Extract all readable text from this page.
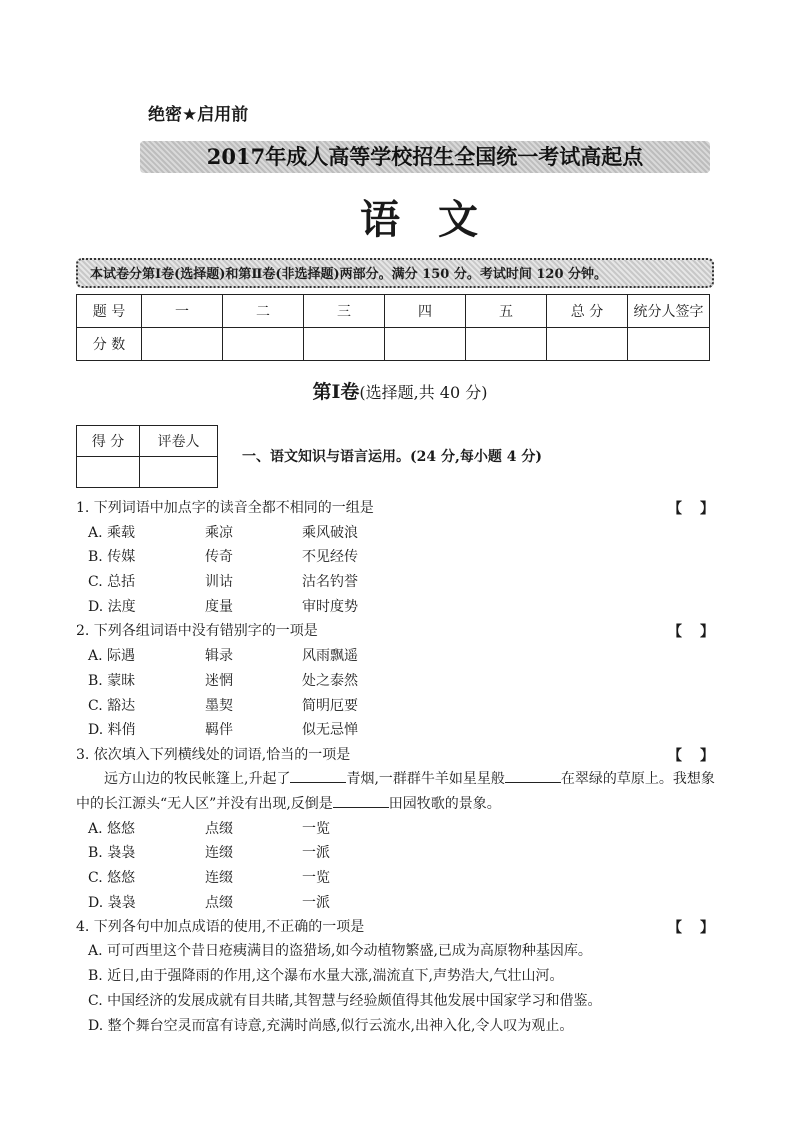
绝密★启用前
2017年成人高等学校招生全国统一考试高起点
语文
本试卷分第Ⅰ卷(选择题)和第Ⅱ卷(非选择题)两部分。满分 150 分。考试时间 120 分钟。
题 号	一	二	三	四	五	总 分	统分人签字
分 数							
第Ⅰ卷(选择题,共 40 分)
得 分	评卷人

一、语文知识与语言运用。(24 分,每小题 4 分)
1. 下列词语中加点字的读音全都不相同的一组是	【】
A. 乘载	乘凉	乘风破浪
B. 传媒	传奇	不见经传
C. 总括	训诂	沽名钓誉
D. 法度	度量	审时度势
2. 下列各组词语中没有错别字的一项是	【】
A. 际遇	辑录	风雨飘遥
B. 蒙昧	迷惘	处之泰然
C. 豁达	墨契	简明厄要
D. 料俏	羁伴	似无忌惮
3. 依次填入下列横线处的词语,恰当的一项是	【】
远方山边的牧民帐篷上,升起了	青烟,一群群牛羊如星星般	在翠绿的草原上。我想象中的长江源头“无人区”并没有出现,反倒是	田园牧歌的景象。
A. 悠悠	点缀	一览
B. 袅袅	连缀	一派
C. 悠悠	连缀	一览
D. 袅袅	点缀	一派
4. 下列各句中加点成语的使用,不正确的一项是	【】
A. 可可西里这个昔日疮痍满目的盗猎场,如今动植物繁盛,已成为高原物种基因库。
B. 近日,由于强降雨的作用,这个瀑布水量大涨,湍流直下,声势浩大,气壮山河。
C. 中国经济的发展成就有目共睹,其智慧与经验颇值得其他发展中国家学习和借鉴。
D. 整个舞台空灵而富有诗意,充满时尚感,似行云流水,出神入化,令人叹为观止。
